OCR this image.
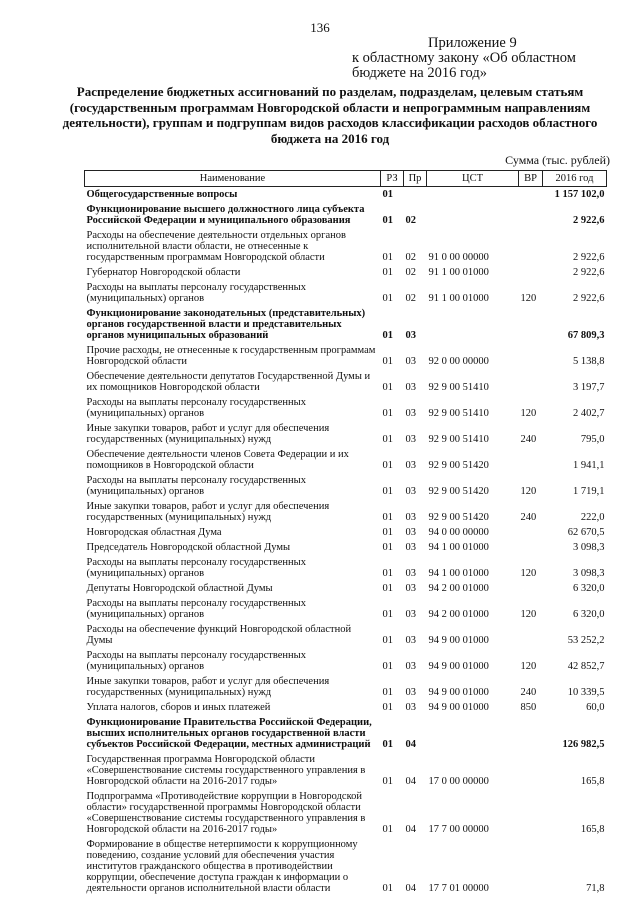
136
Приложение 9
к областному закону «Об областном
бюджете на 2016 год»
Распределение бюджетных ассигнований по разделам, подразделам, целевым статьям (государственным программам Новгородской области и непрограммным направлениям деятельности), группам и подгруппам видов расходов классификации расходов областного бюджета на 2016 год
Сумма (тыс. рублей)
Наименование	РЗ	Пр	ЦСТ	ВР	2016 год
Общегосударственные вопросы	01				1 157 102,0
Функционирование высшего должностного лица субъекта Российской Федерации и муниципального образования	01	02			2 922,6
Расходы на обеспечение деятельности отдельных органов исполнительной власти области, не отнесенные к государственным программам Новгородской области	01	02	91 0 00 00000		2 922,6
Губернатор Новгородской области	01	02	91 1 00 01000		2 922,6
Расходы на выплаты персоналу государственных (муниципальных) органов	01	02	91 1 00 01000	120	2 922,6
Функционирование законодательных (представительных) органов государственной власти и представительных органов муниципальных образований	01	03			67 809,3
Прочие расходы, не отнесенные к государственным программам Новгородской области	01	03	92 0 00 00000		5 138,8
Обеспечение деятельности депутатов Государственной Думы и их помощников Новгородской области	01	03	92 9 00 51410		3 197,7
Расходы на выплаты персоналу государственных (муниципальных) органов	01	03	92 9 00 51410	120	2 402,7
Иные закупки товаров, работ и услуг для обеспечения государственных (муниципальных) нужд	01	03	92 9 00 51410	240	795,0
Обеспечение деятельности членов Совета Федерации и их помощников в Новгородской области	01	03	92 9 00 51420		1 941,1
Расходы на выплаты персоналу государственных (муниципальных) органов	01	03	92 9 00 51420	120	1 719,1
Иные закупки товаров, работ и услуг для обеспечения государственных (муниципальных) нужд	01	03	92 9 00 51420	240	222,0
Новгородская областная Дума	01	03	94 0 00 00000		62 670,5
Председатель Новгородской областной Думы	01	03	94 1 00 01000		3 098,3
Расходы на выплаты персоналу государственных (муниципальных) органов	01	03	94 1 00 01000	120	3 098,3
Депутаты Новгородской областной Думы	01	03	94 2 00 01000		6 320,0
Расходы на выплаты персоналу государственных (муниципальных) органов	01	03	94 2 00 01000	120	6 320,0
Расходы на обеспечение функций Новгородской областной Думы	01	03	94 9 00 01000		53 252,2
Расходы на выплаты персоналу государственных (муниципальных) органов	01	03	94 9 00 01000	120	42 852,7
Иные закупки товаров, работ и услуг для обеспечения государственных (муниципальных) нужд	01	03	94 9 00 01000	240	10 339,5
Уплата налогов, сборов и иных платежей	01	03	94 9 00 01000	850	60,0
Функционирование Правительства Российской Федерации, высших исполнительных органов государственной власти субъектов Российской Федерации, местных администраций	01	04			126 982,5
Государственная программа Новгородской области «Совершенствование системы государственного управления в Новгородской области на 2016-2017 годы»	01	04	17 0 00 00000		165,8
Подпрограмма «Противодействие коррупции в Новгородской области» государственной программы Новгородской области «Совершенствование системы государственного управления в Новгородской области на 2016-2017 годы»	01	04	17 7 00 00000		165,8
Формирование в обществе нетерпимости к коррупционному поведению, создание условий для обеспечения участия институтов гражданского общества в противодействии коррупции, обеспечение доступа граждан к информации о деятельности органов исполнительной власти области	01	04	17 7 01 00000		71,8
